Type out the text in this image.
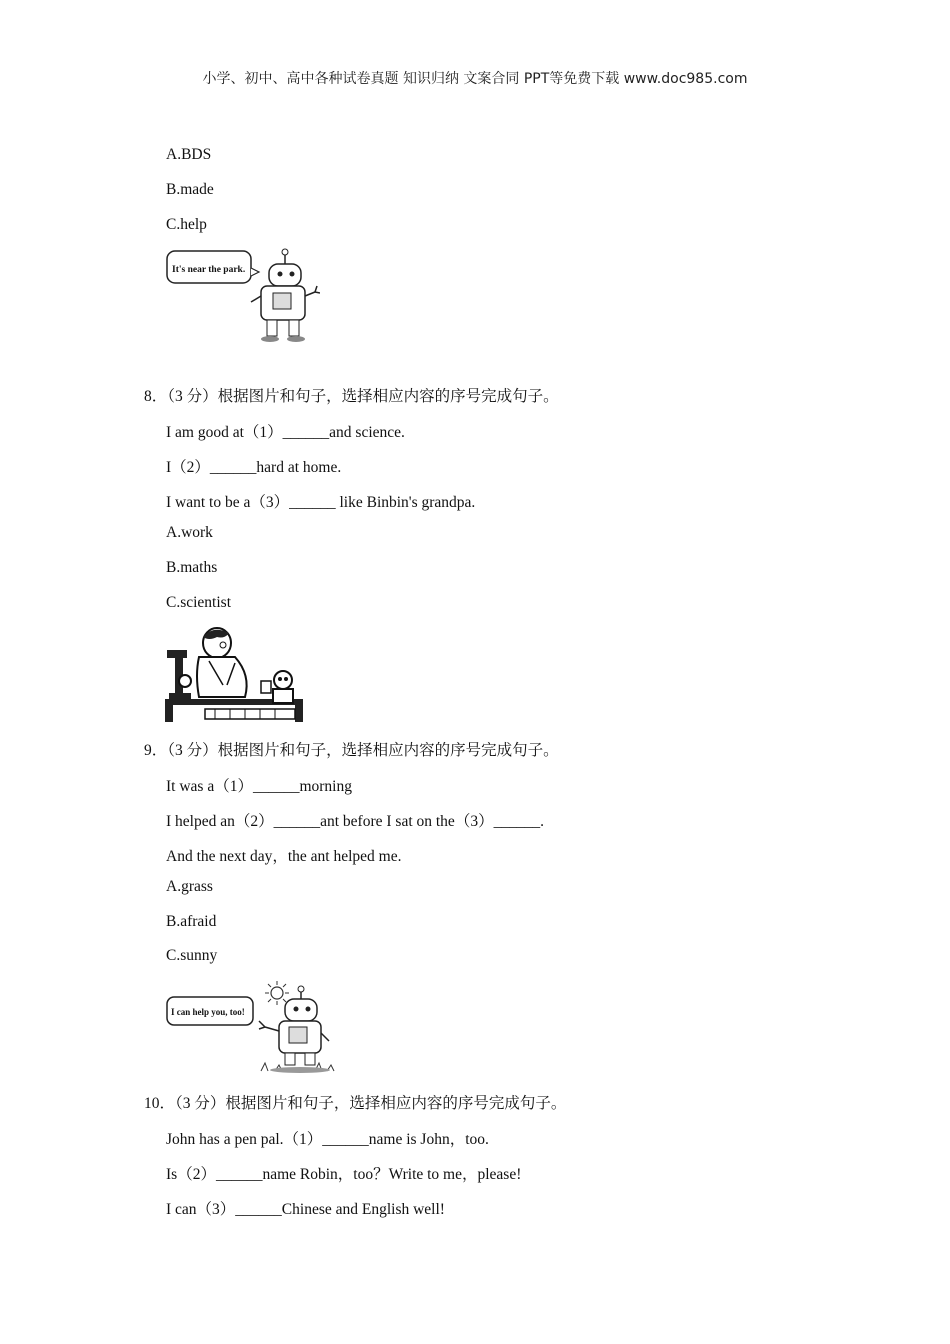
小学、初中、高中各种试卷真题 知识归纳 文案合同 PPT等免费下载 www.doc985.com
A.BDS
B.made
C.help
It's near the park.
8．（3 分）根据图片和句子，选择相应内容的序号完成句子。
I am good at（1）______and science.
I（2）______hard at home.
I want to be a（3）______ like Binbin's grandpa.
A.work
B.maths
C.scientist
9．（3 分）根据图片和句子，选择相应内容的序号完成句子。
It was a（1）______morning
I helped an（2）______ant before I sat on the（3）______.
And the next day，the ant helped me.
A.grass
B.afraid
C.sunny
I can help you, too!
10．（3 分）根据图片和句子，选择相应内容的序号完成句子。
John has a pen pal.（1）______name is John，too.
Is（2）______name Robin，too？Write to me，please!
I can（3）______Chinese and English well!
